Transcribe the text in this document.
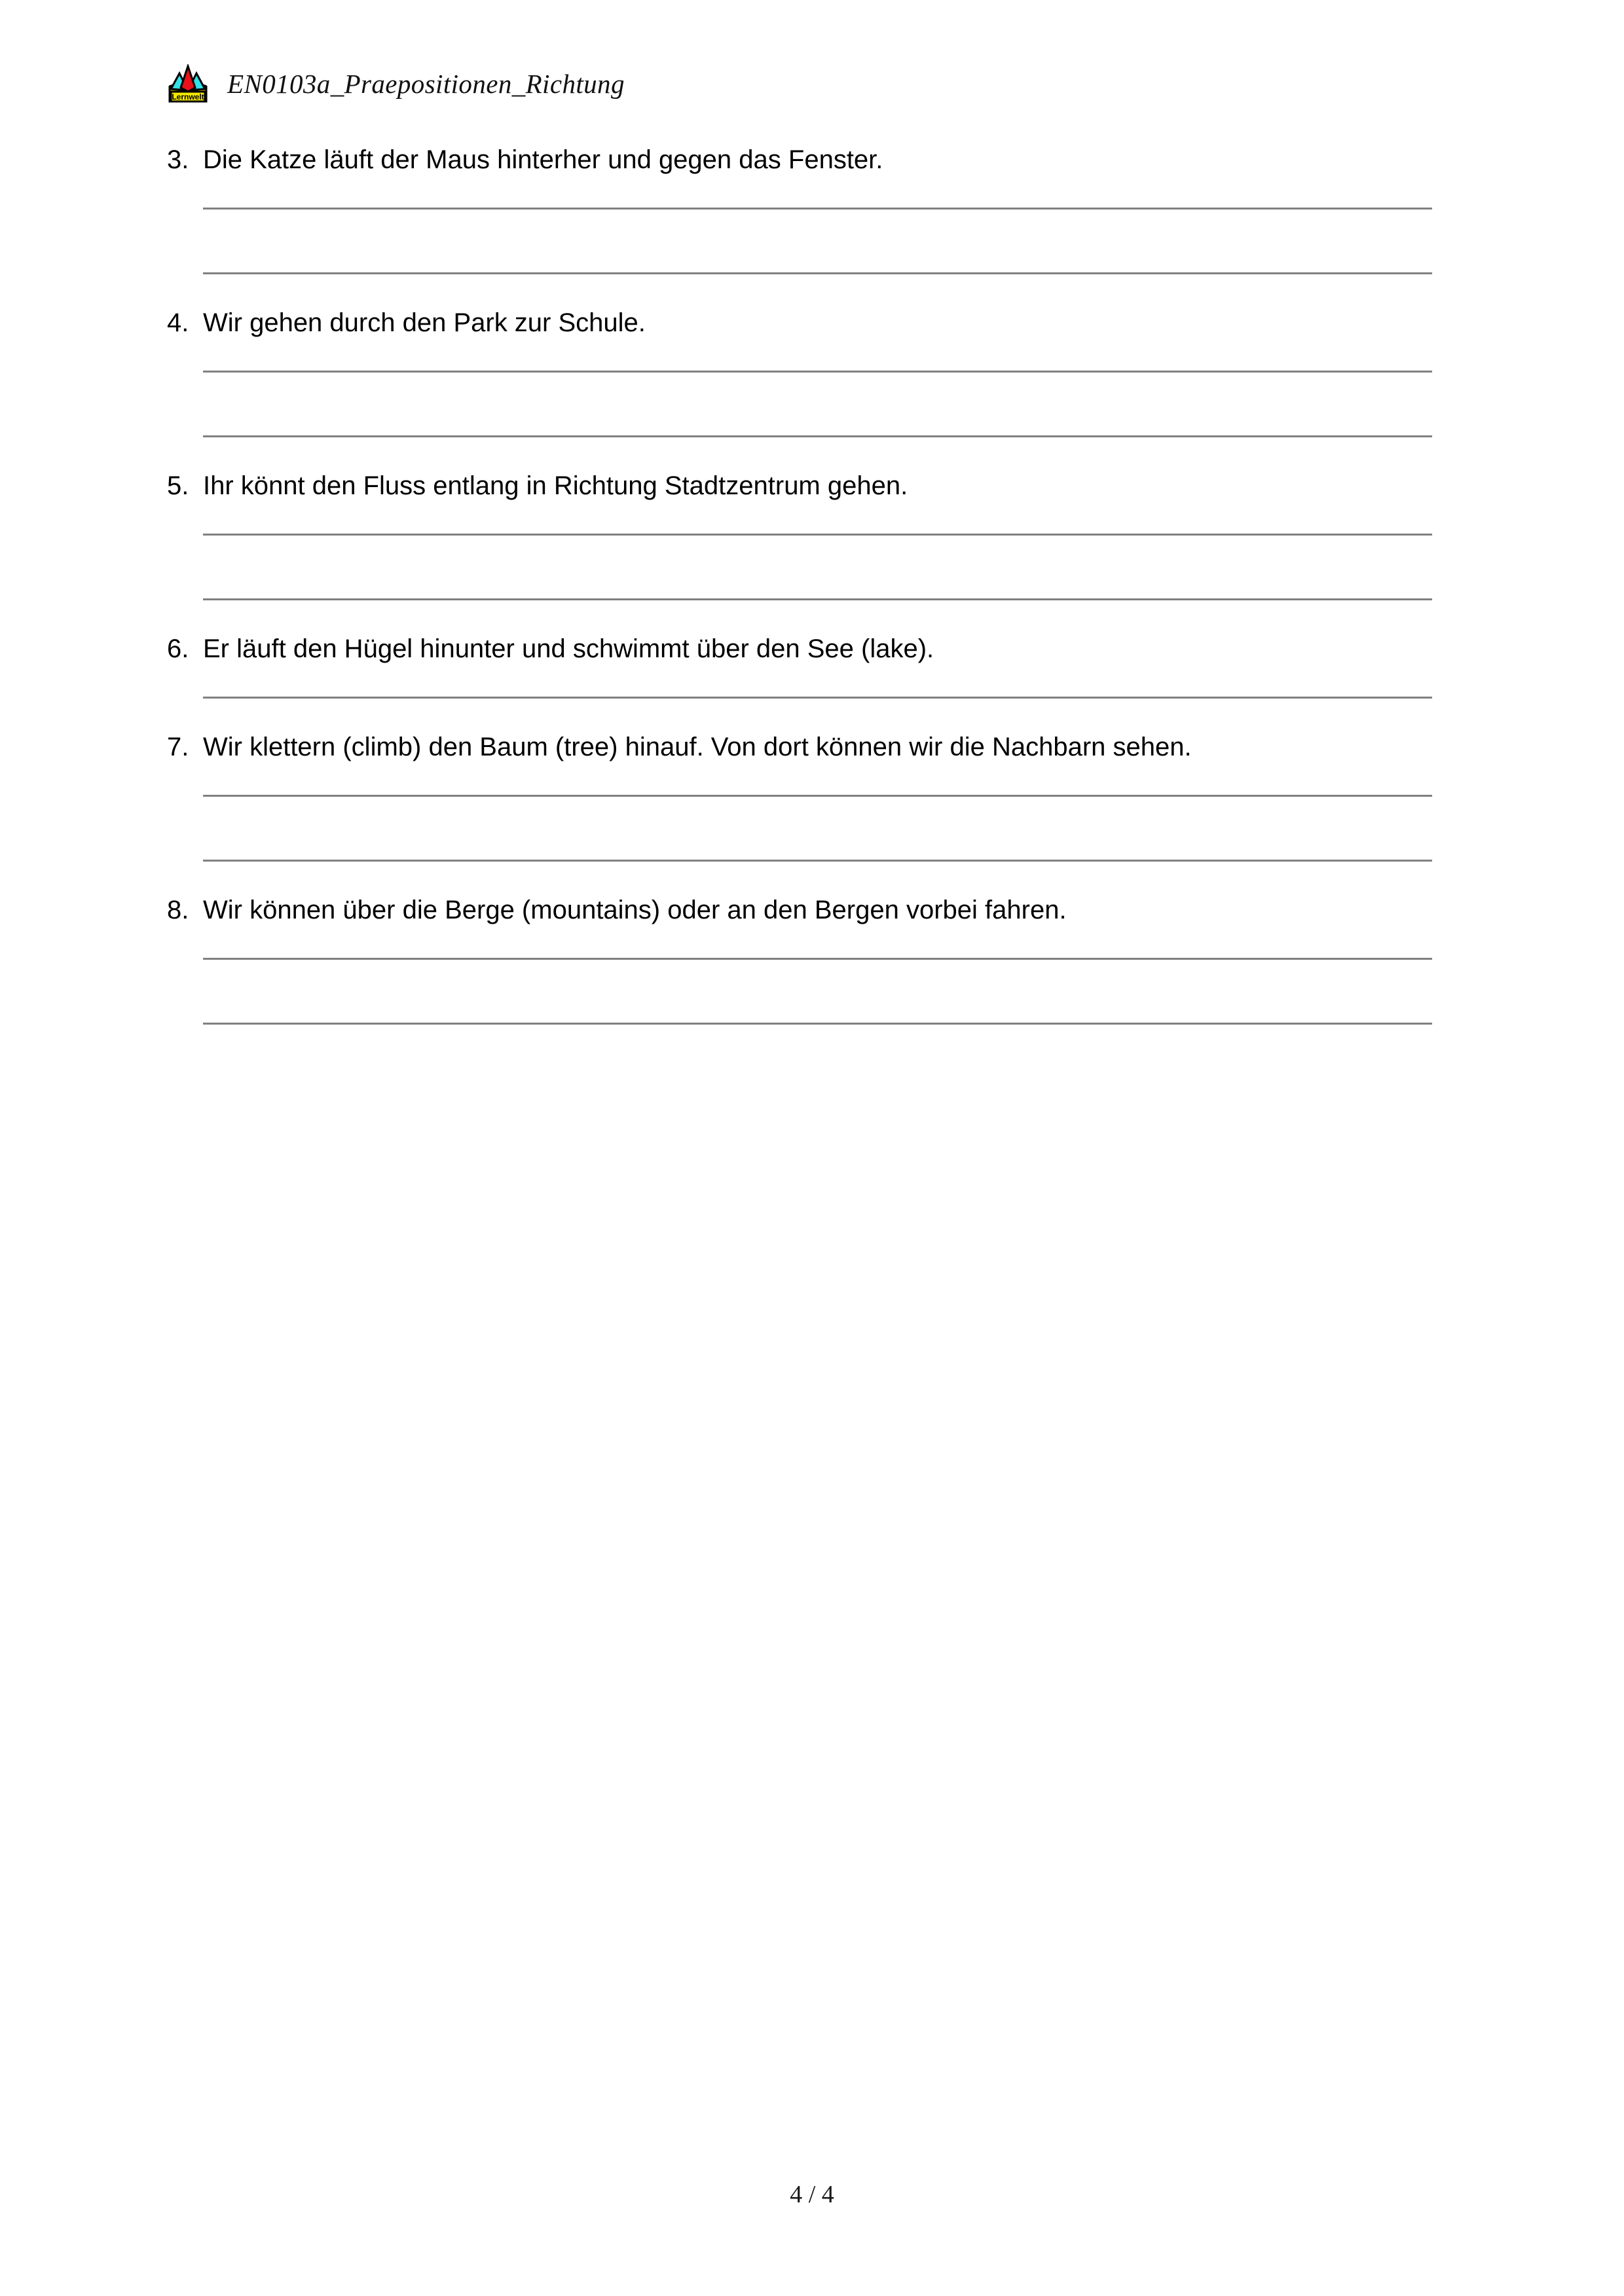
Lernwelt EN0103a_Praepositionen_Richtung
3. Die Katze läuft der Maus hinterher und gegen das Fenster.
4. Wir gehen durch den Park zur Schule.
5. Ihr könnt den Fluss entlang in Richtung Stadtzentrum gehen.
6. Er läuft den Hügel hinunter und schwimmt über den See (lake).
7. Wir klettern (climb) den Baum (tree) hinauf. Von dort können wir die Nachbarn sehen.
8. Wir können über die Berge (mountains) oder an den Bergen vorbei fahren.
4 / 4
